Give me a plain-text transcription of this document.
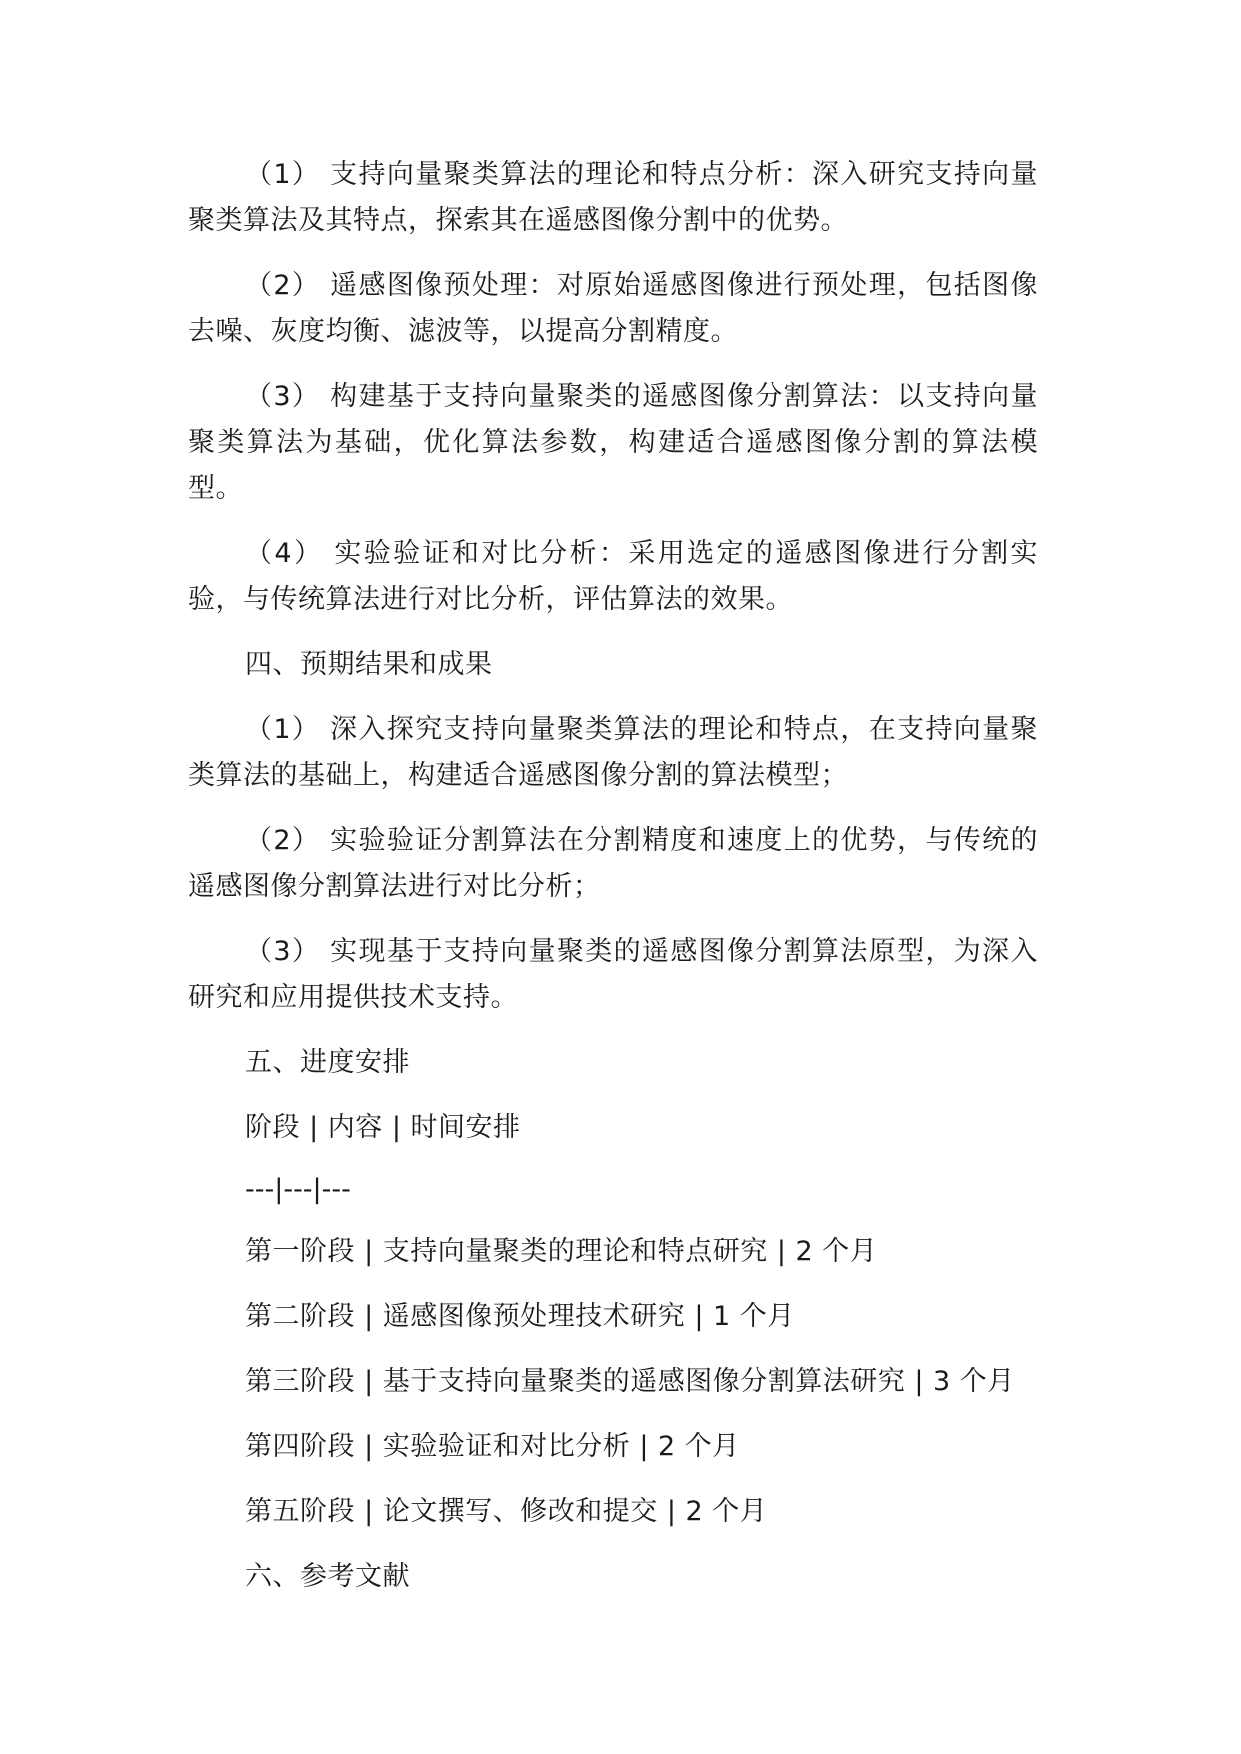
（1） 支持向量聚类算法的理论和特点分析：深入研究支持向量聚类算法及其特点，探索其在遥感图像分割中的优势。

（2） 遥感图像预处理：对原始遥感图像进行预处理，包括图像去噪、灰度均衡、滤波等，以提高分割精度。

（3） 构建基于支持向量聚类的遥感图像分割算法：以支持向量聚类算法为基础，优化算法参数，构建适合遥感图像分割的算法模型。

（4） 实验验证和对比分析：采用选定的遥感图像进行分割实验，与传统算法进行对比分析，评估算法的效果。

四、预期结果和成果

（1） 深入探究支持向量聚类算法的理论和特点，在支持向量聚类算法的基础上，构建适合遥感图像分割的算法模型；

（2） 实验验证分割算法在分割精度和速度上的优势，与传统的遥感图像分割算法进行对比分析；

（3） 实现基于支持向量聚类的遥感图像分割算法原型，为深入研究和应用提供技术支持。

五、进度安排

阶段 | 内容 | 时间安排

---|---|---

第一阶段 | 支持向量聚类的理论和特点研究 | 2 个月

第二阶段 | 遥感图像预处理技术研究 | 1 个月

第三阶段 | 基于支持向量聚类的遥感图像分割算法研究 | 3 个月

第四阶段 | 实验验证和对比分析 | 2 个月

第五阶段 | 论文撰写、修改和提交 | 2 个月

六、参考文献
